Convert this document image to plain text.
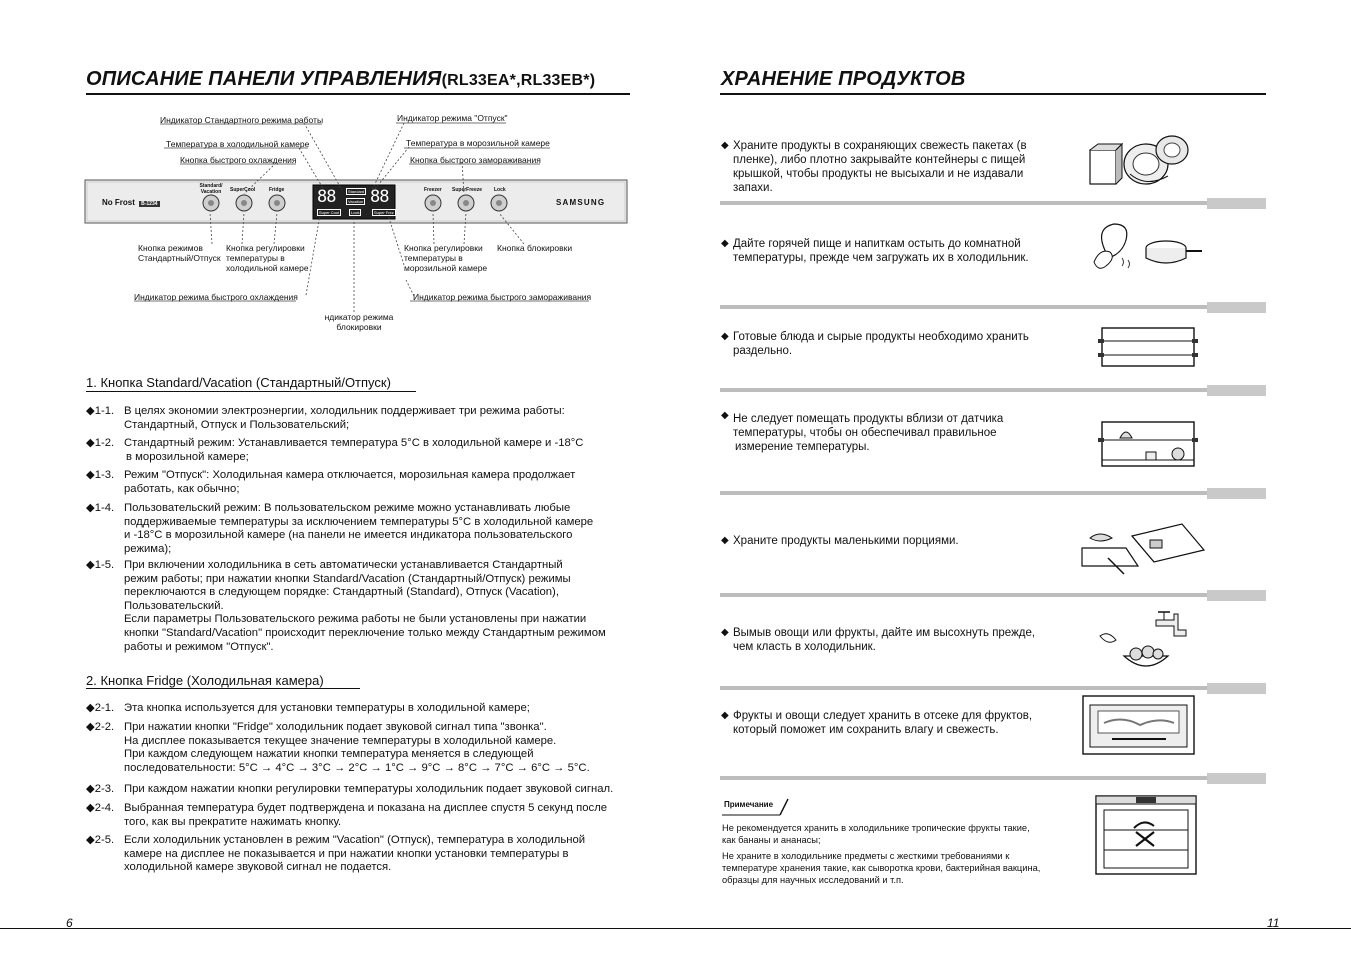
ОПИСАНИЕ ПАНЕЛИ УПРАВЛЕНИЯ(RL33EA*,RL33EB*)
No Frost B-1234	SAMSUNG
Standard/
Vacation	SuperCool	Fridge	Freezer SuperFreeze Lock
88 88
Standard
Vacation
Super Cool	Lock	Super Frez
Индикатор Стандартного режима работы
Температура в холодильной камере
Кнопка быстрого охлаждения
Индикатор режима "Отпуск"
Температура в морозильной камере
Кнопка быстрого замораживания
Кнопка режимов
Стандартный/Отпуск
Кнопка регулировки
температуры в
холодильной камере
Кнопка регулировки
температуры в
морозильной камере
Кнопка блокировки
Индикатор режима быстрого охлаждения	Индикатор режима быстрого замораживания
ндикатор режима
блокировки
1. Кнопка Standard/Vacation (Стандартный/Отпуск)
◆1-1. В целях экономии электроэнергии, холодильник поддерживает три режима работы:
Стандартный, Отпуск и Пользовательский;
◆1-2. Стандартный режим: Устанавливается температура 5°C в холодильной камере и -18°C
в морозильной камере;
◆1-3. Режим "Отпуск": Холодильная камера отключается, морозильная камера продолжает
работать, как обычно;
◆1-4. Пользовательский режим: В пользовательском режиме можно устанавливать любые
поддерживаемые температуры за исключением температуры 5°C в холодильной камере
и -18°C в морозильной камере (на панели не имеется индикатора пользовательского
режима);
◆1-5. При включении холодильника в сеть автоматически устанавливается Стандартный
режим работы; при нажатии кнопки Standard/Vacation (Стандартный/Отпуск) режимы
переключаются в следующем порядке: Стандартный (Standard), Отпуск (Vacation),
Пользовательский.
Если параметры Пользовательского режима работы не были установлены при нажатии
кнопки "Standard/Vacation" происходит переключение только между Стандартным режимом
работы и режимом "Отпуск".
2. Кнопка Fridge (Холодильная камера)
◆2-1. Эта кнопка используется для установки температуры в холодильной камере;
◆2-2. При нажатии кнопки "Fridge" холодильник подает звуковой сигнал типа "звонка".
На дисплее показывается текущее значение температуры в холодильной камере.
При каждом следующем нажатии кнопки температура меняется в следующей
последовательности: 5°C → 4°C → 3°C → 2°C → 1°C → 9°C → 8°C → 7°C → 6°C → 5°C.
◆2-3. При каждом нажатии кнопки регулировки температуры холодильник подает звуковой сигнал.
◆2-4. Выбранная температура будет подтверждена и показана на дисплее спустя 5 секунд после
того, как вы прекратите нажимать кнопку.
◆2-5. Если холодильник установлен в режим "Vacation" (Отпуск), температура в холодильной
камере на дисплее не показывается и при нажатии кнопки установки температуры в
холодильной камере звуковой сигнал не подается.
ХРАНЕНИЕ ПРОДУКТОВ
◆ Храните продукты в сохраняющих свежесть пакетах (в
пленке), либо плотно закрывайте контейнеры с пищей
крышкой, чтобы продукты не высыхали и не издавали
запахи.
◆ Дайте горячей пище и напиткам остыть до комнатной
температуры, прежде чем загружать их в холодильник.
◆ Готовые блюда и сырые продукты необходимо хранить
раздельно.
◆ Не следует помещать продукты вблизи от датчика
температуры, чтобы он обеспечивал правильное
измерение температуры.
◆ Храните продукты маленькими порциями.
◆ Вымыв овощи или фрукты, дайте им высохнуть прежде,
чем класть в холодильник.
◆ Фрукты и овощи следует хранить в отсеке для фруктов,
который поможет им сохранить влагу и свежесть.
Примечание
Не рекомендуется хранить в холодильнике тропические фрукты такие,
как бананы и ананасы;
Не храните в холодильнике предметы с жесткими требованиями к
температуре хранения такие, как сыворотка крови, бактерийная вакцина,
образцы для научных исследований и т.п.
6	11
